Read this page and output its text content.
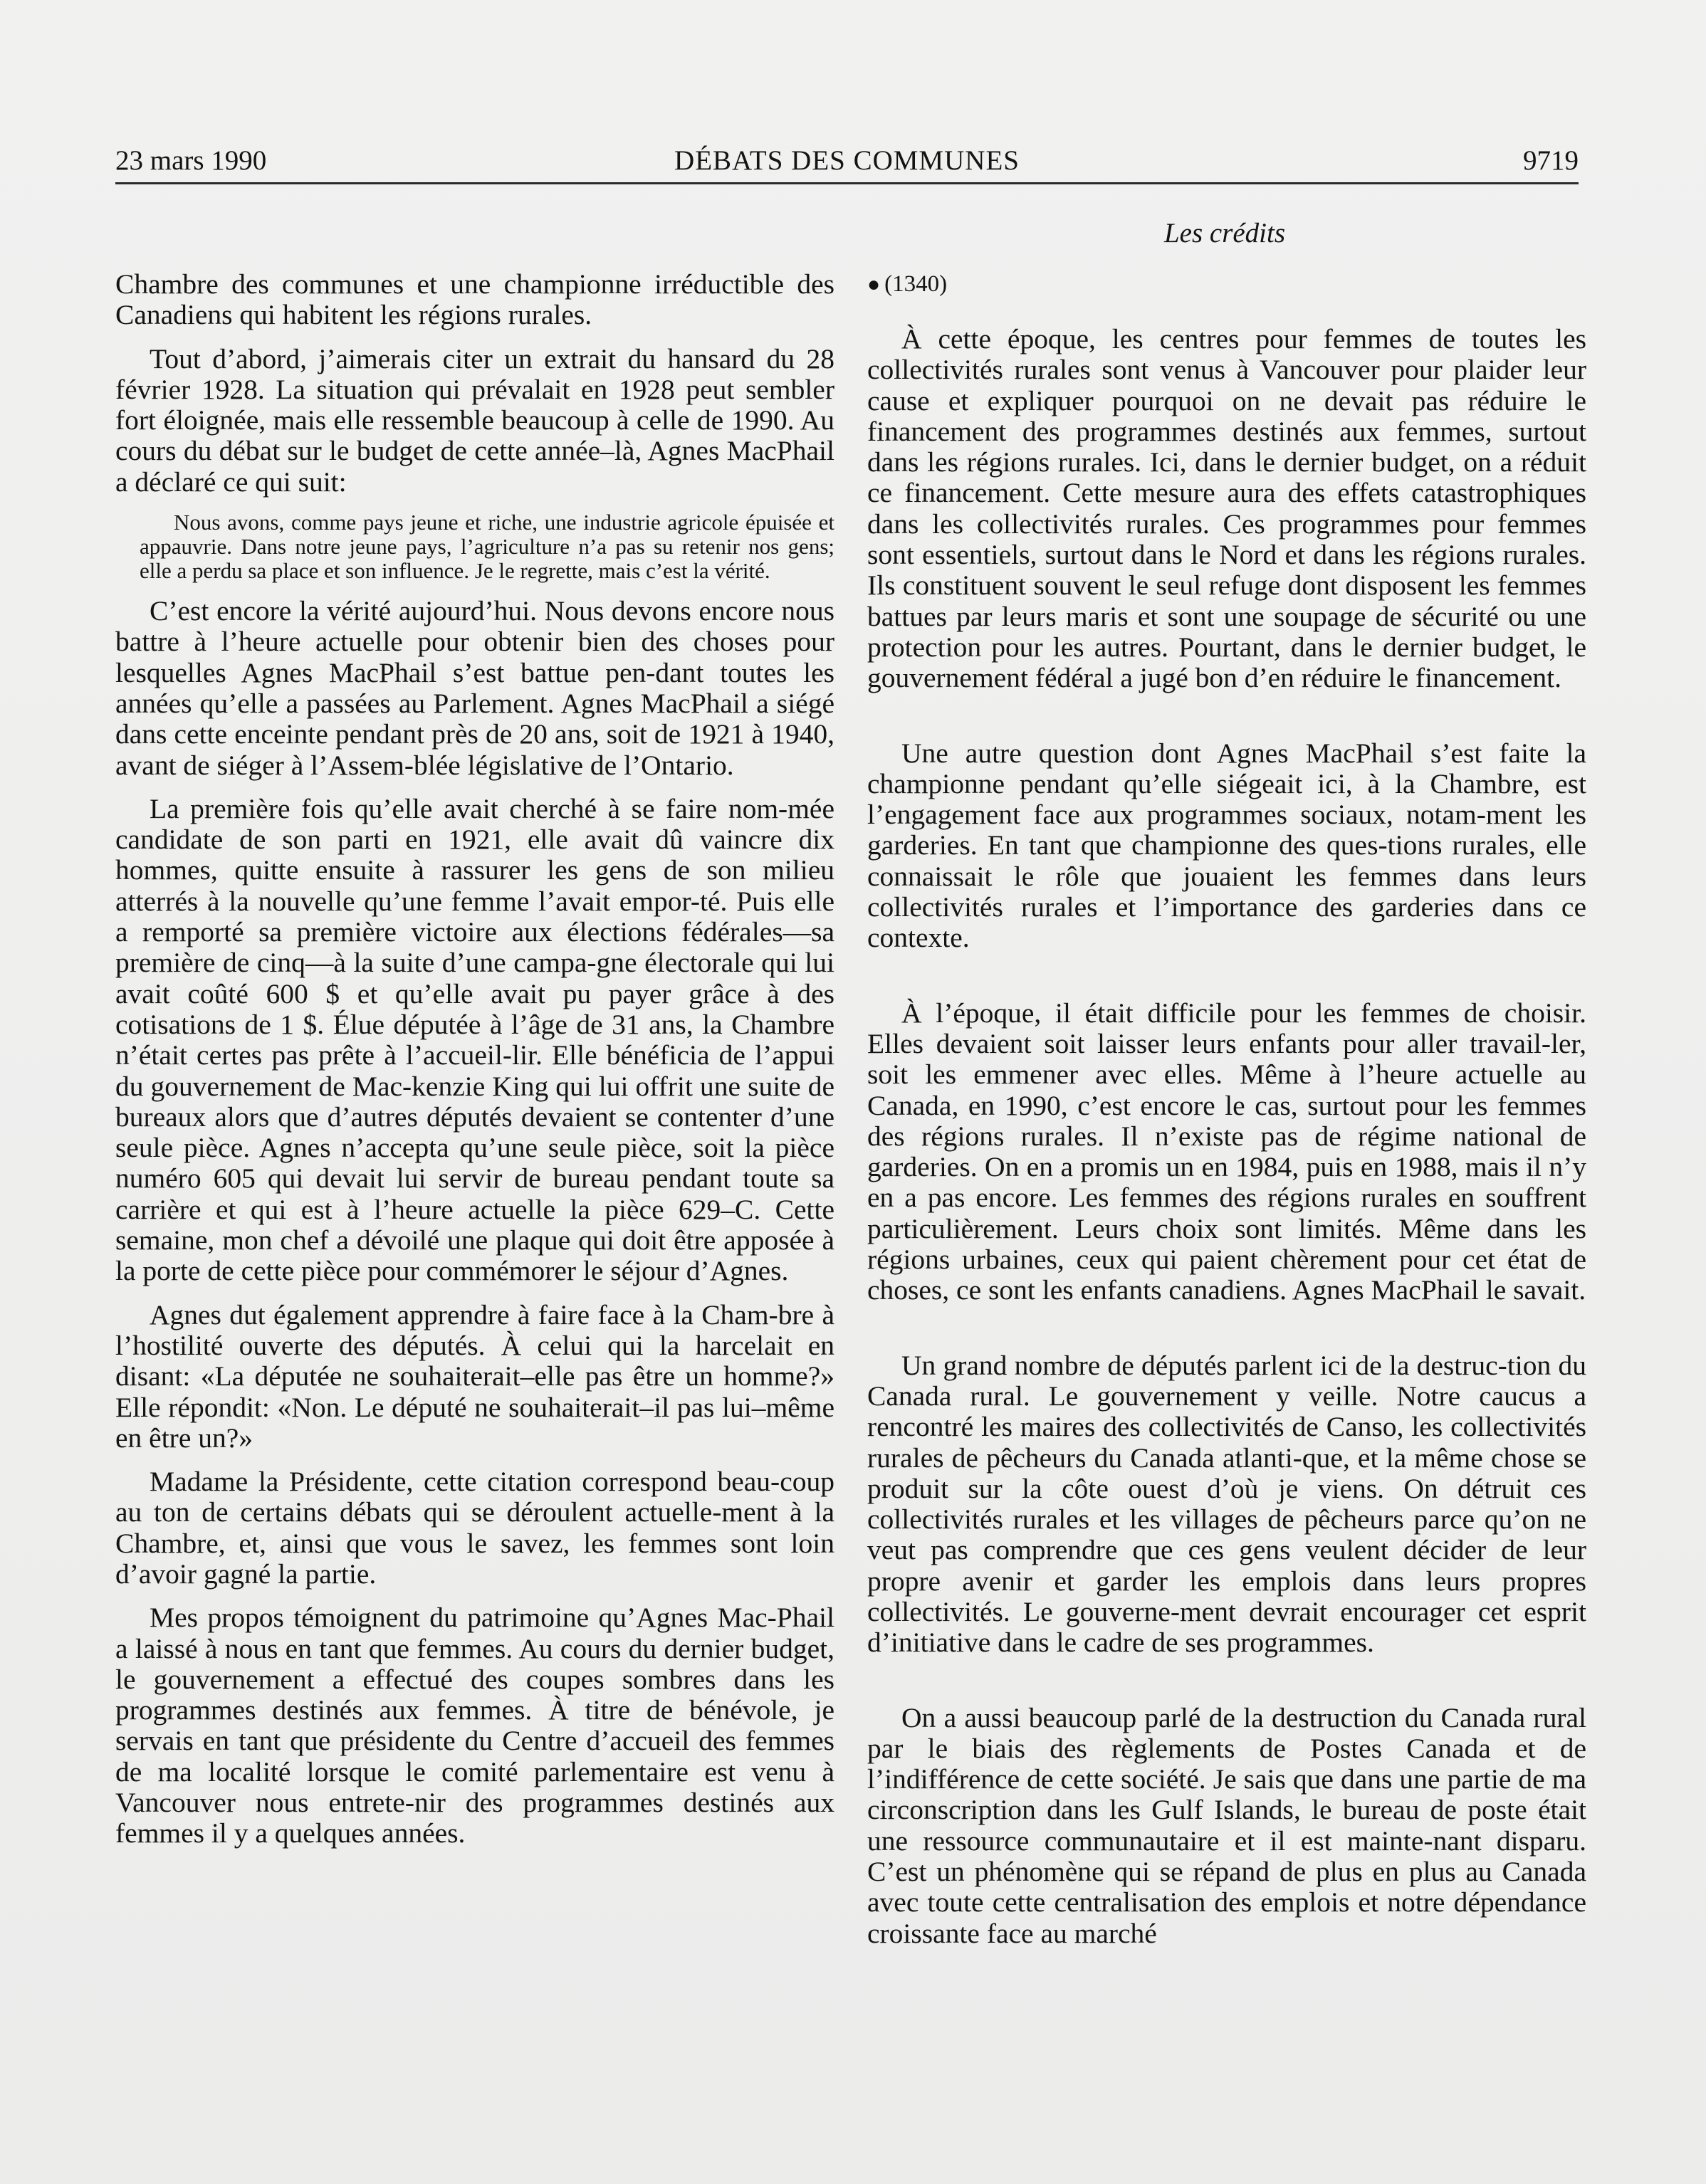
23 mars 1990	DÉBATS DES COMMUNES	9719
Les crédits

Chambre des communes et une championne irréductible des Canadiens qui habitent les régions rurales.

Tout d’abord, j’aimerais citer un extrait du hansard du 28 février 1928. La situation qui prévalait en 1928 peut sembler fort éloignée, mais elle ressemble beaucoup à celle de 1990. Au cours du débat sur le budget de cette année–là, Agnes MacPhail a déclaré ce qui suit:

Nous avons, comme pays jeune et riche, une industrie agricole épuisée et appauvrie. Dans notre jeune pays, l’agriculture n’a pas su retenir nos gens; elle a perdu sa place et son influence. Je le regrette, mais c’est la vérité.

C’est encore la vérité aujourd’hui. Nous devons encore nous battre à l’heure actuelle pour obtenir bien des choses pour lesquelles Agnes MacPhail s’est battue pen-dant toutes les années qu’elle a passées au Parlement. Agnes MacPhail a siégé dans cette enceinte pendant près de 20 ans, soit de 1921 à 1940, avant de siéger à l’Assem-blée législative de l’Ontario.

La première fois qu’elle avait cherché à se faire nom-mée candidate de son parti en 1921, elle avait dû vaincre dix hommes, quitte ensuite à rassurer les gens de son milieu atterrés à la nouvelle qu’une femme l’avait empor-té. Puis elle a remporté sa première victoire aux élections fédérales—sa première de cinq—à la suite d’une campa-gne électorale qui lui avait coûté 600 $ et qu’elle avait pu payer grâce à des cotisations de 1 $. Élue députée à l’âge de 31 ans, la Chambre n’était certes pas prête à l’accueil-lir. Elle bénéficia de l’appui du gouvernement de Mac-kenzie King qui lui offrit une suite de bureaux alors que d’autres députés devaient se contenter d’une seule pièce. Agnes n’accepta qu’une seule pièce, soit la pièce numéro 605 qui devait lui servir de bureau pendant toute sa carrière et qui est à l’heure actuelle la pièce 629–C. Cette semaine, mon chef a dévoilé une plaque qui doit être apposée à la porte de cette pièce pour commémorer le séjour d’Agnes.

Agnes dut également apprendre à faire face à la Cham-bre à l’hostilité ouverte des députés. À celui qui la harcelait en disant: «La députée ne souhaiterait–elle pas être un homme?» Elle répondit: «Non. Le député ne souhaiterait–il pas lui–même en être un?»

Madame la Présidente, cette citation correspond beau-coup au ton de certains débats qui se déroulent actuelle-ment à la Chambre, et, ainsi que vous le savez, les femmes sont loin d’avoir gagné la partie.

Mes propos témoignent du patrimoine qu’Agnes Mac-Phail a laissé à nous en tant que femmes. Au cours du dernier budget, le gouvernement a effectué des coupes sombres dans les programmes destinés aux femmes. À titre de bénévole, je servais en tant que présidente du Centre d’accueil des femmes de ma localité lorsque le comité parlementaire est venu à Vancouver nous entrete-nir des programmes destinés aux femmes il y a quelques années.

● (1340)

À cette époque, les centres pour femmes de toutes les collectivités rurales sont venus à Vancouver pour plaider leur cause et expliquer pourquoi on ne devait pas réduire le financement des programmes destinés aux femmes, surtout dans les régions rurales. Ici, dans le dernier budget, on a réduit ce financement. Cette mesure aura des effets catastrophiques dans les collectivités rurales. Ces programmes pour femmes sont essentiels, surtout dans le Nord et dans les régions rurales. Ils constituent souvent le seul refuge dont disposent les femmes battues par leurs maris et sont une soupage de sécurité ou une protection pour les autres. Pourtant, dans le dernier budget, le gouvernement fédéral a jugé bon d’en réduire le financement.

Une autre question dont Agnes MacPhail s’est faite la championne pendant qu’elle siégeait ici, à la Chambre, est l’engagement face aux programmes sociaux, notam-ment les garderies. En tant que championne des ques-tions rurales, elle connaissait le rôle que jouaient les femmes dans leurs collectivités rurales et l’importance des garderies dans ce contexte.

À l’époque, il était difficile pour les femmes de choisir. Elles devaient soit laisser leurs enfants pour aller travail-ler, soit les emmener avec elles. Même à l’heure actuelle au Canada, en 1990, c’est encore le cas, surtout pour les femmes des régions rurales. Il n’existe pas de régime national de garderies. On en a promis un en 1984, puis en 1988, mais il n’y en a pas encore. Les femmes des régions rurales en souffrent particulièrement. Leurs choix sont limités. Même dans les régions urbaines, ceux qui paient chèrement pour cet état de choses, ce sont les enfants canadiens. Agnes MacPhail le savait.

Un grand nombre de députés parlent ici de la destruc-tion du Canada rural. Le gouvernement y veille. Notre caucus a rencontré les maires des collectivités de Canso, les collectivités rurales de pêcheurs du Canada atlanti-que, et la même chose se produit sur la côte ouest d’où je viens. On détruit ces collectivités rurales et les villages de pêcheurs parce qu’on ne veut pas comprendre que ces gens veulent décider de leur propre avenir et garder les emplois dans leurs propres collectivités. Le gouverne-ment devrait encourager cet esprit d’initiative dans le cadre de ses programmes.

On a aussi beaucoup parlé de la destruction du Canada rural par le biais des règlements de Postes Canada et de l’indifférence de cette société. Je sais que dans une partie de ma circonscription dans les Gulf Islands, le bureau de poste était une ressource communautaire et il est mainte-nant disparu. C’est un phénomène qui se répand de plus en plus au Canada avec toute cette centralisation des emplois et notre dépendance croissante face au marché
